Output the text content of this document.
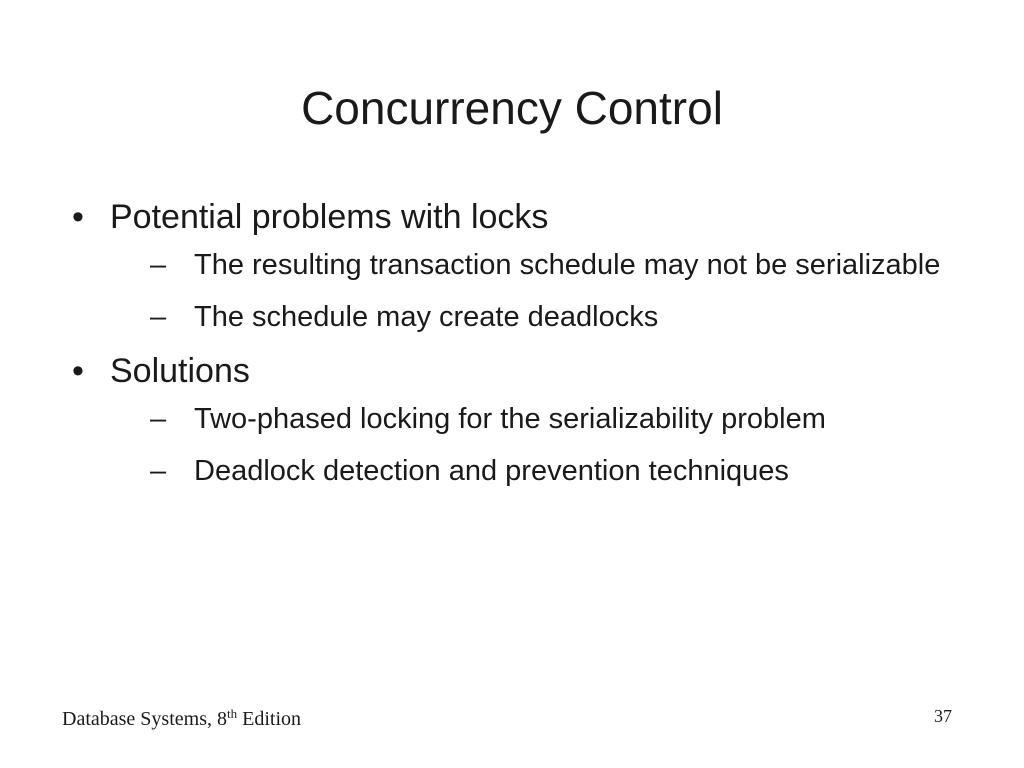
Concurrency Control
• Potential problems with locks
– The resulting transaction schedule may not be serializable
– The schedule may create deadlocks
• Solutions
– Two-phased locking for the serializability problem
– Deadlock detection and prevention techniques
Database Systems, 8th Edition	37
